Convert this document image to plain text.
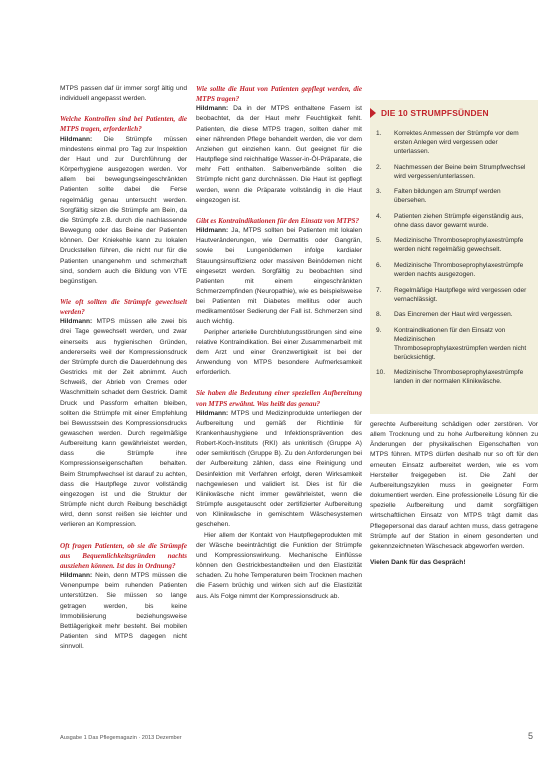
MTPS passen daf ür immer sorgf ältig und individuell angepasst werden.

Welche Kontrollen sind bei Patienten, die MTPS tragen, erforderlich?

Hildmann: Die Strümpfe müssen mindestens einmal pro Tag zur Inspektion der Haut und zur Durchführung der Körperhygiene ausgezogen werden. Vor allem bei bewegungseingeschränkten Patienten sollte dabei die Ferse regelmäßig genau untersucht werden. Sorgfältig sitzen die Strümpfe am Bein, da die Strümpfe z.B. durch die nachlassende Bewegung oder das Beine der Patienten können. Der Kniekehle kann zu lokalen Druckstellen führen, die nicht nur für die Patienten unangenehm und schmerzhaft sind, sondern auch die Bildung von VTE begünstigen.

Wie oft sollten die Strümpfe gewechselt werden?

Hildmann: MTPS müssen alle zwei bis drei Tage gewechselt werden, und zwar einerseits aus hygienischen Gründen, andererseits weil der Kompressionsdruck der Strümpfe durch die Dauerdehnung des Gestricks mit der Zeit abnimmt. Auch Schweiß, der Abrieb von Cremes oder Waschmitteln schadet dem Gestrick. Damit Druck und Passform erhalten bleiben, sollten die Strümpfe mit einer Empfehlung bei Bewusstsein des Kompressionsdrucks gewaschen werden. Durch regelmäßige Aufbereitung kann gewährleistet werden, dass die Strümpfe ihre Kompressionseigenschaften behalten. Beim Strumpfwechsel ist darauf zu achten, dass die Hautpflege zuvor vollständig eingezogen ist und die Struktur der Strümpfe nicht durch Reibung beschädigt wird, denn sonst reißen sie leichter und verlieren an Kompression.

Oft fragen Patienten, ob sie die Strümpfe aus Bequemlichkeitsgründen nachts ausziehen können. Ist das in Ordnung?

Hildmann: Nein, denn MTPS müssen die Venenpumpe beim ruhenden Patienten unterstützen. Sie müssen so lange getragen werden, bis keine Immobilisierung beziehungsweise Bettlägerigkeit mehr besteht. Bei mobilen Patienten sind MTPS dagegen nicht sinnvoll.

Wie sollte die Haut von Patienten gepflegt werden, die MTPS tragen?

Hildmann: Da in der MTPS enthaltene Fasern ist beobachtet, da der Haut mehr Feuchtigkeit fehlt. Patienten, die diese MTPS tragen, sollten daher mit einer nährenden Pflege behandelt werden, die vor dem Anziehen gut einziehen kann. Gut geeignet für die Hautpflege sind reichhaltige Wasser-in-Öl-Präparate, die mehr Fett enthalten. Salbenverbände sollten die Strümpfe nicht ganz durchnässen. Die Haut ist gepflegt werden, wenn die Präparate vollständig in die Haut eingezogen ist.

Gibt es Kontraindikationen für den Einsatz von MTPS?

Hildmann: Ja, MTPS sollten bei Patienten mit lokalen Hautveränderungen, wie Dermatitis oder Gangrän, sowie bei Lungenödemen infolge kardialer Stauungsinsuffizienz oder massiven Beinödemen nicht eingesetzt werden. Sorgfältig zu beobachten sind Patienten mit einem eingeschränkten Schmerzempfinden (Neuropathie), wie es beispielsweise bei Patienten mit Diabetes mellitus oder auch medikamentöser Sedierung der Fall ist. Schmerzen sind auch wichtig.

Peripher arterielle Durchblutungsstörungen sind eine relative Kontraindikation. Bei einer Zusammenarbeit mit dem Arzt und einer Grenzwertigkeit ist bei der Anwendung von MTPS besondere Aufmerksamkeit erforderlich.

Sie haben die Bedeutung einer speziellen Aufbereitung von MTPS erwähnt. Was heißt das genau?

Hildmann: MTPS und Medizinprodukte unterliegen der Aufbereitung und gemäß der Richtlinie für Krankenhaushygiene und Infektionsprävention des Robert-Koch-Instituts (RKI) als unkritisch (Gruppe A) oder semikritisch (Gruppe B). Zu den Anforderungen bei der Aufbereitung zählen, dass eine Reinigung und Desinfektion mit Verfahren erfolgt, deren Wirksamkeit nachgewiesen und validiert ist. Dies ist für die Klinikwäsche nicht immer gewährleistet, wenn die Strümpfe ausgetauscht oder zertifizierter Aufbereitung von Klinikwäsche in gemischtem Wäschesystemen geschehen.

Hier allem der Kontakt von Hautpflegeprodukten mit der Wäsche beeinträchtigt die Funktion der Strümpfe und Kompressionswirkung. Mechanische Einflüsse können den Gestrickbestandteilen und den Elastizität schaden. Zu hohe Temperaturen beim Trocknen machen die Fasern brüchig und wirken sich auf die Elastizität aus. Als Folge nimmt der Kompressionsdruck ab.

DIE 10 STRUMPFSÜNDEN
1.	Korrektes Anmessen der Strümpfe vor dem ersten Anlegen wird vergessen oder unterlassen.
2.	Nachmessen der Beine beim Strumpfwechsel wird vergessen/unterlassen.
3.	Falten bildungen am Strumpf werden übersehen.
4.	Patienten ziehen Strümpfe eigenständig aus, ohne dass davor gewarnt wurde.
5.	Medizinische Thromboseprophylaxestrümpfe werden nicht regelmäßig gewechselt.
6.	Medizinische Thromboseprophylaxestrümpfe werden nachts ausgezogen.
7.	Regelmäßige Hautpflege wird vergessen oder vernachlässigt.
8.	Das Eincremen der Haut wird vergessen.
9.	Kontraindikationen für den Einsatz von Medizinischen Thromboseprophylaxestrümpfen werden nicht berücksichtigt.
10.	Medizinische Thromboseprophylaxestrümpfe landen in der normalen Klinikwäsche.

gerechte Aufbereitung schädigen oder zerstören. Vor allem Trocknung und zu hohe Aufbereitung können zu Änderungen der physikalischen Eigenschaften von MTPS führen. MTPS dürfen deshalb nur so oft für den erneuten Einsatz aufbereitet werden, wie es vom Hersteller freigegeben ist. Die Zahl der Aufbereitungszyklen muss in geeigneter Form dokumentiert werden. Eine professionelle Lösung für die spezielle Aufbereitung und damit sorgfältigen wirtschaftlichen Einsatz von MTPS trägt damit das Pflegepersonal das darauf achten muss, dass getragene Strümpfe auf der Station in einem gesonderten und gekennzeichneten Wäschesack abgeworfen werden.

Vielen Dank für das Gespräch!

Ausgabe 1 Das Pflegemagazin · 2013 Dezember	5
